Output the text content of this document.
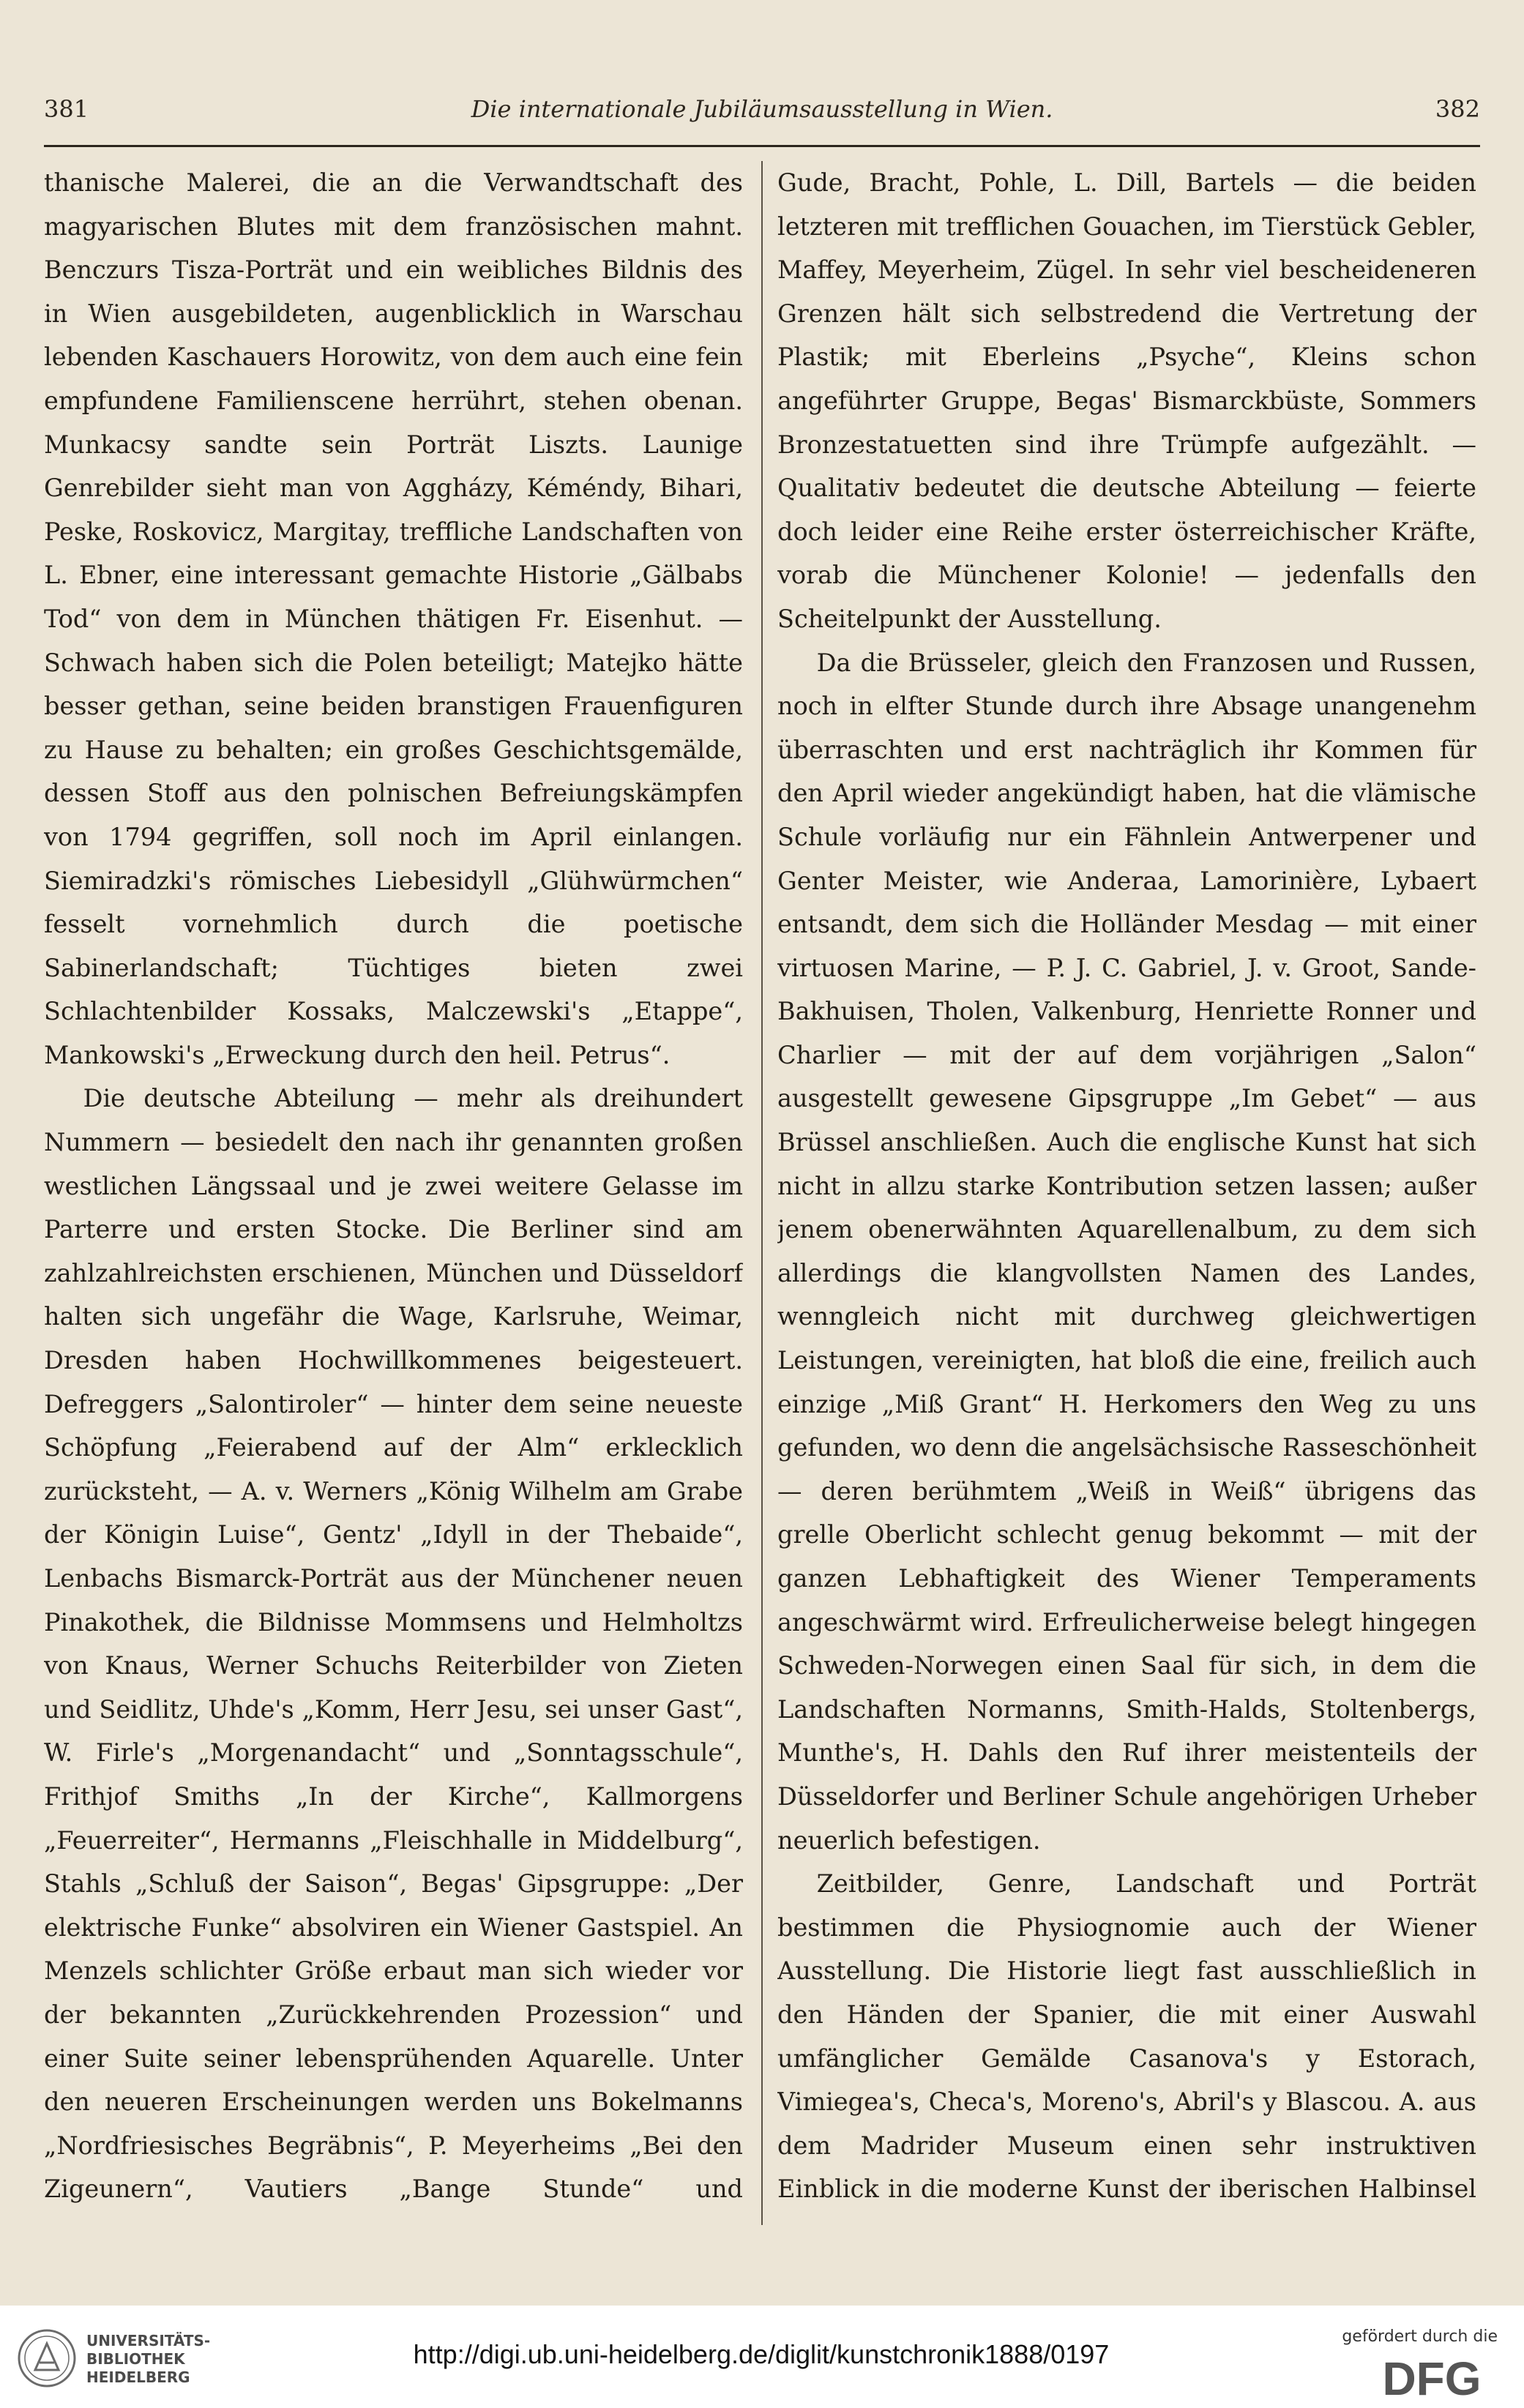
381	Die internationale Jubiläumsausstellung in Wien.	382

thanische Malerei, die an die Verwandtschaft des magyarischen Blutes mit dem französischen mahnt. Benczurs Tisza-Porträt und ein weibliches Bildnis des in Wien ausgebildeten, augenblicklich in Warschau lebenden Kaschauers Horowitz, von dem auch eine fein empfundene Familienscene herrührt, stehen obenan. Munkacsy sandte sein Porträt Liszts. Launige Genrebilder sieht man von Aggházy, Kéméndy, Bihari, Peske, Roskovicz, Margitay, treffliche Landschaften von L. Ebner, eine interessant gemachte Historie „Gälbabs Tod“ von dem in München thätigen Fr. Eisenhut. — Schwach haben sich die Polen beteiligt; Matejko hätte besser gethan, seine beiden branstigen Frauenfiguren zu Hause zu behalten; ein großes Geschichtsgemälde, dessen Stoff aus den polnischen Befreiungskämpfen von 1794 gegriffen, soll noch im April einlangen. Siemiradzki's römisches Liebesidyll „Glühwürmchen“ fesselt vornehmlich durch die poetische Sabinerlandschaft; Tüchtiges bieten zwei Schlachtenbilder Kossaks, Malczewski's „Etappe“, Mankowski's „Erweckung durch den heil. Petrus“.

Die deutsche Abteilung — mehr als dreihundert Nummern — besiedelt den nach ihr genannten großen westlichen Längssaal und je zwei weitere Gelasse im Parterre und ersten Stocke. Die Berliner sind am zahlzahlreichsten erschienen, München und Düsseldorf halten sich ungefähr die Wage, Karlsruhe, Weimar, Dresden haben Hochwillkommenes beigesteuert. Defreggers „Salontiroler“ — hinter dem seine neueste Schöpfung „Feierabend auf der Alm“ erklecklich zurücksteht, — A. v. Werners „König Wilhelm am Grabe der Königin Luise“, Gentz' „Idyll in der Thebaide“, Lenbachs Bismarck-Porträt aus der Münchener neuen Pinakothek, die Bildnisse Mommsens und Helmholtzs von Knaus, Werner Schuchs Reiterbilder von Zieten und Seidlitz, Uhde's „Komm, Herr Jesu, sei unser Gast“, W. Firle's „Morgenandacht“ und „Sonntagsschule“, Frithjof Smiths „In der Kirche“, Kallmorgens „Feuerreiter“, Hermanns „Fleischhalle in Middelburg“, Stahls „Schluß der Saison“, Begas' Gipsgruppe: „Der elektrische Funke“ absolviren ein Wiener Gastspiel. An Menzels schlichter Größe erbaut man sich wieder vor der bekannten „Zurückkehrenden Prozession“ und einer Suite seiner lebensprühenden Aquarelle. Unter den neueren Erscheinungen werden uns Bokelmanns „Nordfriesisches Begräbnis“, P. Meyerheims „Bei den Zigeunern“, Vautiers „Bange Stunde“ und

Gude, Bracht, Pohle, L. Dill, Bartels — die beiden letzteren mit trefflichen Gouachen, im Tierstück Gebler, Maffey, Meyerheim, Zügel. In sehr viel bescheideneren Grenzen hält sich selbstredend die Vertretung der Plastik; mit Eberleins „Psyche“, Kleins schon angeführter Gruppe, Begas' Bismarckbüste, Sommers Bronzestatuetten sind ihre Trümpfe aufgezählt. — Qualitativ bedeutet die deutsche Abteilung — feierte doch leider eine Reihe erster österreichischer Kräfte, vorab die Münchener Kolonie! — jedenfalls den Scheitelpunkt der Ausstellung.

Da die Brüsseler, gleich den Franzosen und Russen, noch in elfter Stunde durch ihre Absage unangenehm überraschten und erst nachträglich ihr Kommen für den April wieder angekündigt haben, hat die vlämische Schule vorläufig nur ein Fähnlein Antwerpener und Genter Meister, wie Anderaa, Lamorinière, Lybaert entsandt, dem sich die Holländer Mesdag — mit einer virtuosen Marine, — P. J. C. Gabriel, J. v. Groot, Sande-Bakhuisen, Tholen, Valkenburg, Henriette Ronner und Charlier — mit der auf dem vorjährigen „Salon“ ausgestellt gewesene Gipsgruppe „Im Gebet“ — aus Brüssel anschließen. Auch die englische Kunst hat sich nicht in allzu starke Kontribution setzen lassen; außer jenem obenerwähnten Aquarellenalbum, zu dem sich allerdings die klangvollsten Namen des Landes, wenngleich nicht mit durchweg gleichwertigen Leistungen, vereinigten, hat bloß die eine, freilich auch einzige „Miß Grant“ H. Herkomers den Weg zu uns gefunden, wo denn die angelsächsische Rasseschönheit — deren berühmtem „Weiß in Weiß“ übrigens das grelle Oberlicht schlecht genug bekommt — mit der ganzen Lebhaftigkeit des Wiener Temperaments angeschwärmt wird. Erfreulicherweise belegt hingegen Schweden-Norwegen einen Saal für sich, in dem die Landschaften Normanns, Smith-Halds, Stoltenbergs, Munthe's, H. Dahls den Ruf ihrer meistenteils der Düsseldorfer und Berliner Schule angehörigen Urheber neuerlich befestigen.

Zeitbilder, Genre, Landschaft und Porträt bestimmen die Physiognomie auch der Wiener Ausstellung. Die Historie liegt fast ausschließlich in den Händen der Spanier, die mit einer Auswahl umfänglicher Gemälde Casanova's y Estorach, Vimiegea's, Checa's, Moreno's, Abril's y Blascou. A. aus dem Madrider Museum einen sehr instruktiven Einblick in die moderne Kunst der iberischen Halbinsel

UNIVERSITÄTS-
BIBLIOTHEK
HEIDELBERG
http://digi.ub.uni-heidelberg.de/diglit/kunstchronik1888/0197
gefördert durch die
DFG
